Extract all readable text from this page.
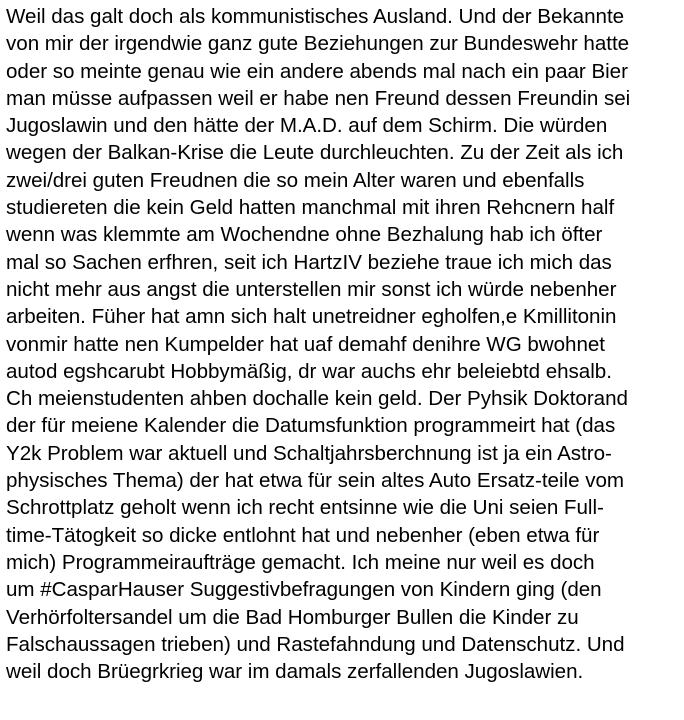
Weil das galt doch als kommunistisches Ausland. Und der Bekannte
von mir der irgendwie ganz gute Beziehungen zur Bundeswehr hatte
oder so meinte genau wie ein andere abends mal nach ein paar Bier
man müsse aufpassen weil er habe nen Freund dessen Freundin sei
Jugoslawin und den hätte der M.A.D. auf dem Schirm. Die würden
wegen der Balkan-Krise die Leute durchleuchten. Zu der Zeit als ich
zwei/drei guten Freudnen die so mein Alter waren und ebenfalls
studiereten die kein Geld hatten manchmal mit ihren Rehcnern half
wenn was klemmte am Wochendne ohne Bezhalung hab ich öfter
mal so Sachen erfhren, seit ich HartzIV beziehe traue ich mich das
nicht mehr aus angst die unterstellen mir sonst ich würde nebenher
arbeiten. Füher hat amn sich halt unetreidner egholfen,e Kmillitonin
vonmir hatte nen Kumpelder hat uaf demahf denihre WG bwohnet
autod egshcarubt Hobbymäßig, dr war auchs ehr beleiebtd ehsalb.
Ch meienstudenten ahben dochalle kein geld. Der Pyhsik Doktorand
der für meiene Kalender die Datumsfunktion programmeirt hat (das
Y2k Problem war aktuell und Schaltjahrsberchnung ist ja ein Astro-
physisches Thema) der hat etwa für sein altes Auto Ersatz-teile vom
Schrottplatz geholt wenn ich recht entsinne wie die Uni seien Full-
time-Tätogkeit so dicke entlohnt hat und nebenher (eben etwa für
mich) Programmeiraufträge gemacht. Ich meine nur weil es doch
um #CasparHauser Suggestivbefragungen von Kindern ging (den
Verhörfoltersandel um die Bad Homburger Bullen die Kinder zu
Falschaussagen trieben) und Rastefahndung und Datenschutz. Und
weil doch Brüegrkrieg war im damals zerfallenden Jugoslawien.
